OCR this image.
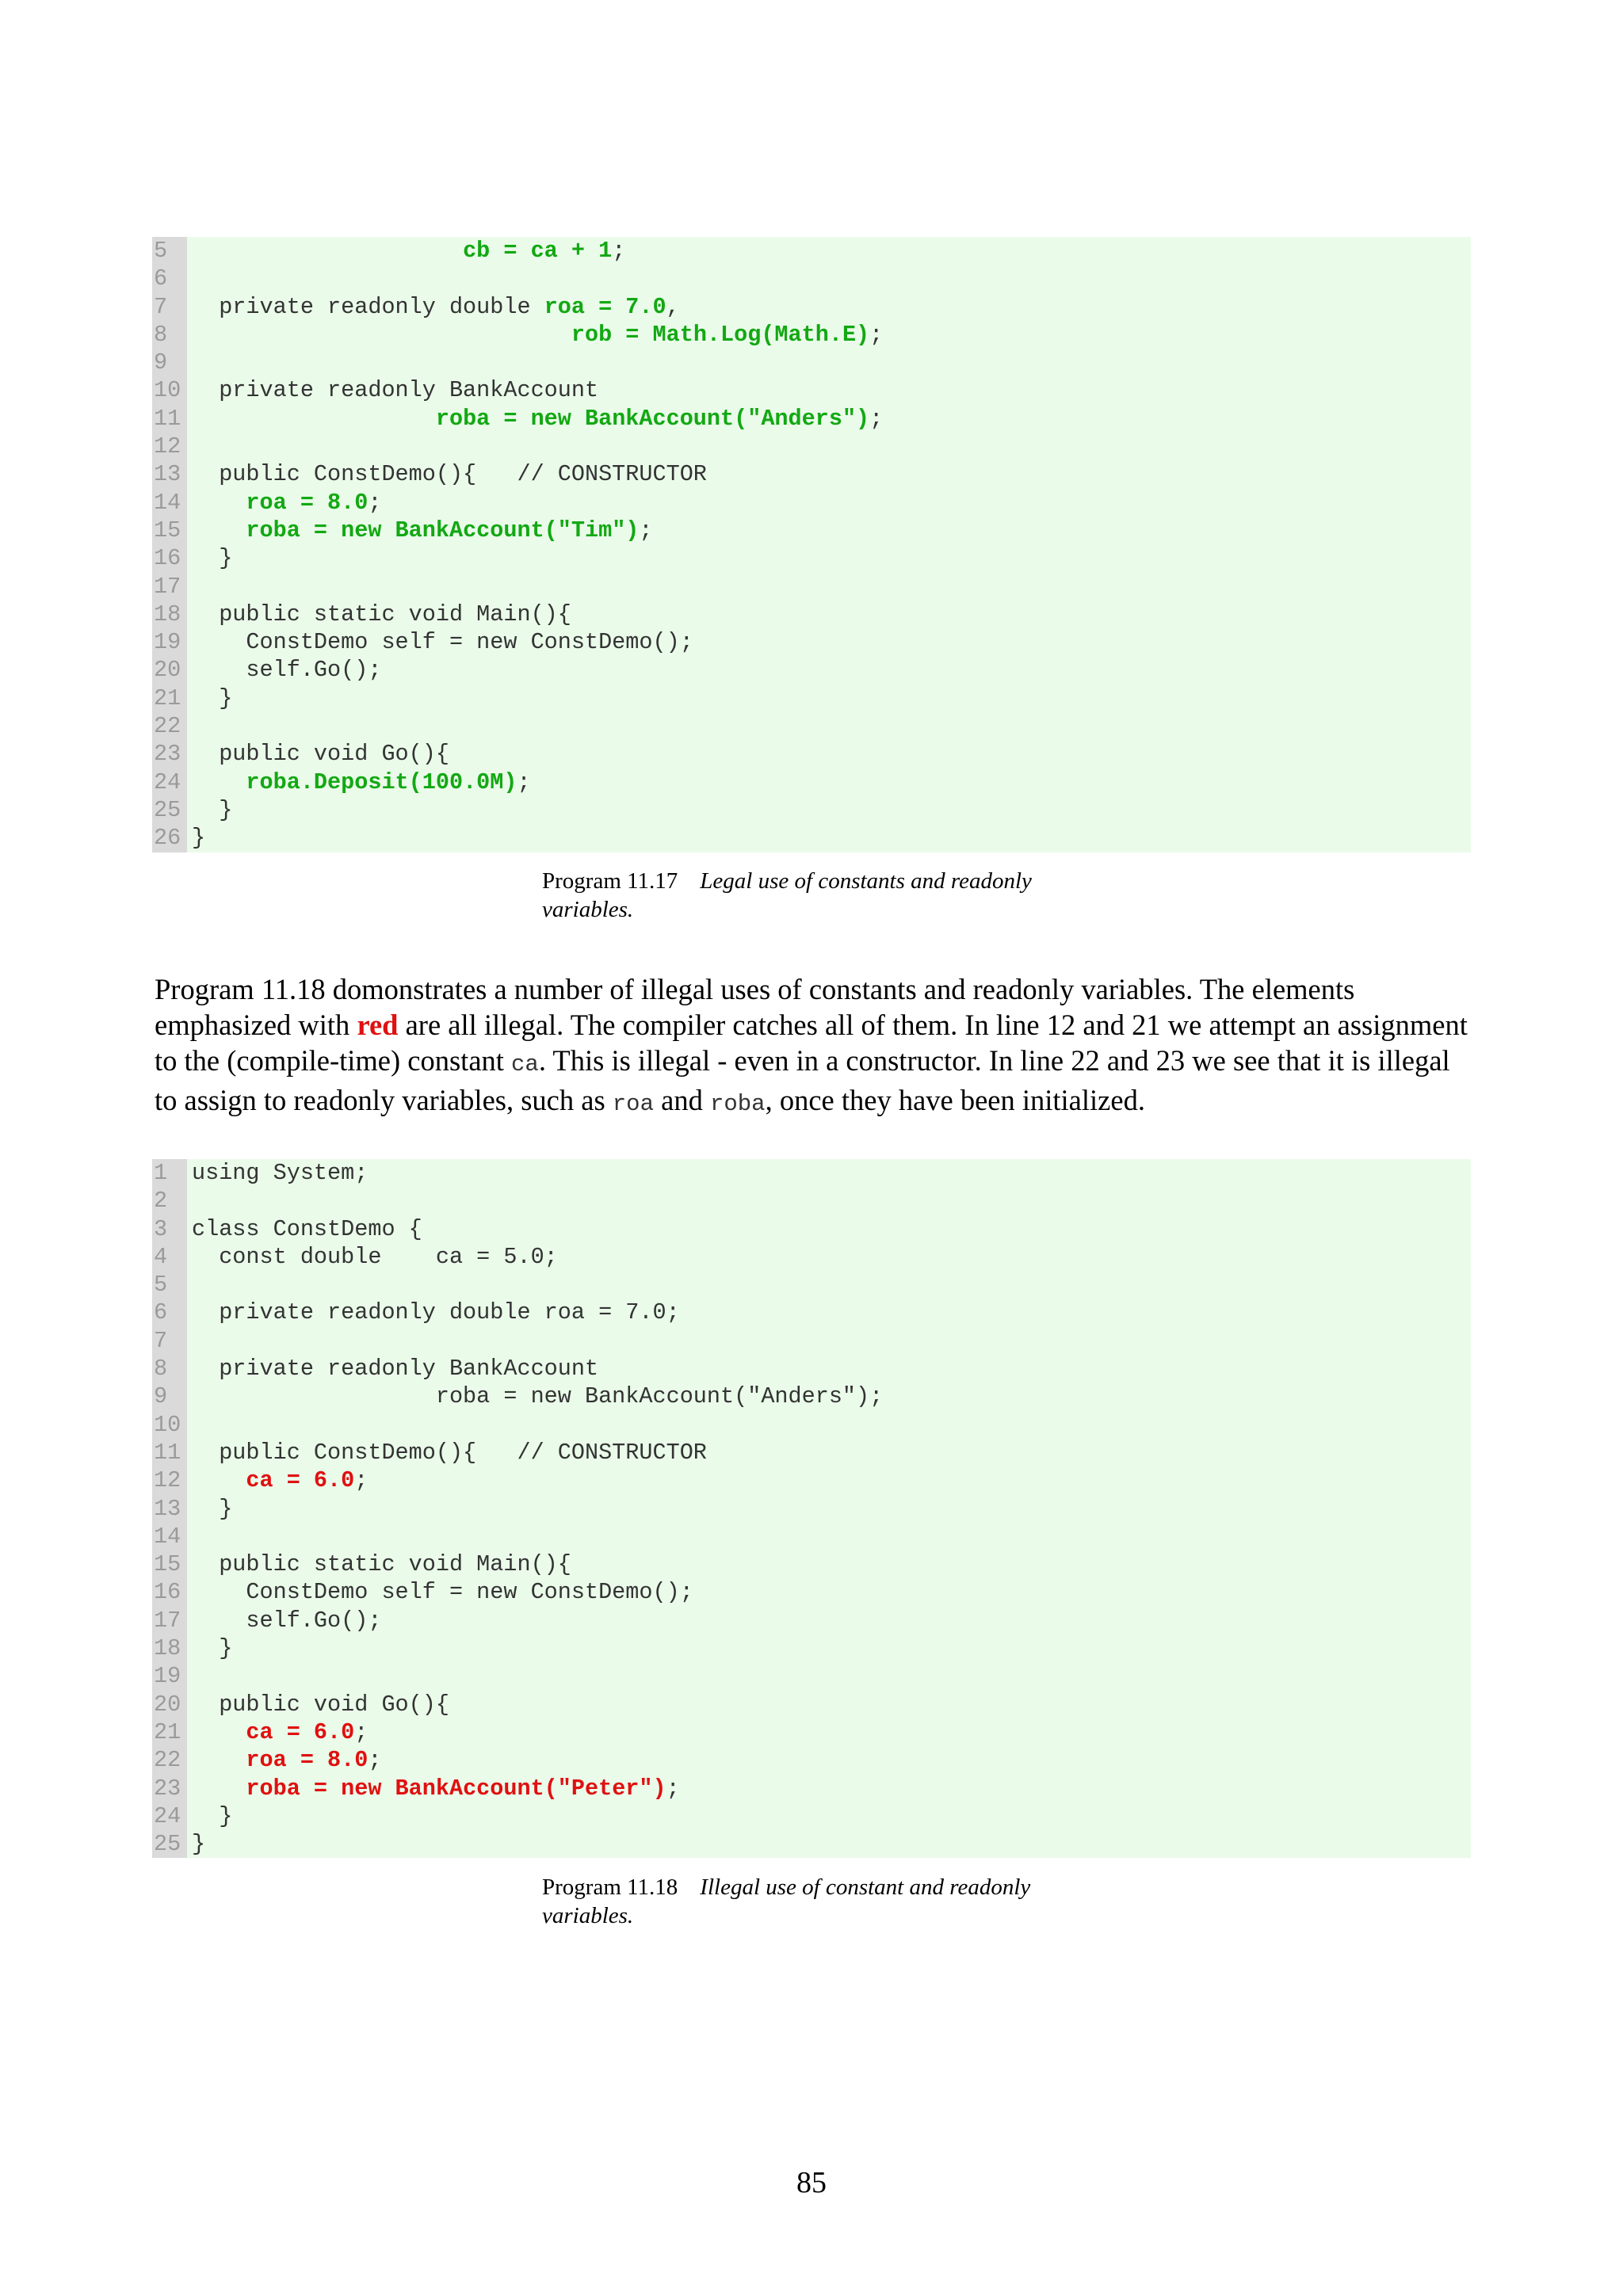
5	cb = ca + 1;
6
7  private readonly double roa = 7.0,
8	rob = Math.Log(Math.E);
9
10  private readonly BankAccount
11	roba = new BankAccount("Anders");
12
13  public ConstDemo(){   // CONSTRUCTOR
14	roa = 8.0;
15	roba = new BankAccount("Tim");
16  }
17
18  public static void Main(){
19    ConstDemo self = new ConstDemo();
20    self.Go();
21  }
22
23  public void Go(){
24	roba.Deposit(100.0M);
25  }
26 }
Program 11.17 Legal use of constants and readonly variables.
Program 11.18 domonstrates a number of illegal uses of constants and readonly variables. The elements emphasized with red are all illegal. The compiler catches all of them. In line 12 and 21 we attempt an assignment to the (compile-time) constant ca. This is illegal - even in a constructor. In line 22 and 23 we see that it is illegal to assign to readonly variables, such as roa and roba, once they have been initialized.
1 using System;
2
3 class ConstDemo {
4  const double    ca = 5.0;
5
6  private readonly double roa = 7.0;
7
8  private readonly BankAccount
9                  roba = new BankAccount("Anders");
10
11  public ConstDemo(){   // CONSTRUCTOR
12	ca = 6.0;
13  }
14
15  public static void Main(){
16    ConstDemo self = new ConstDemo();
17    self.Go();
18  }
19
20  public void Go(){
21	ca = 6.0;
22	roa = 8.0;
23	roba = new BankAccount("Peter");
24  }
25 }
Program 11.18 Illegal use of constant and readonly variables.
85
